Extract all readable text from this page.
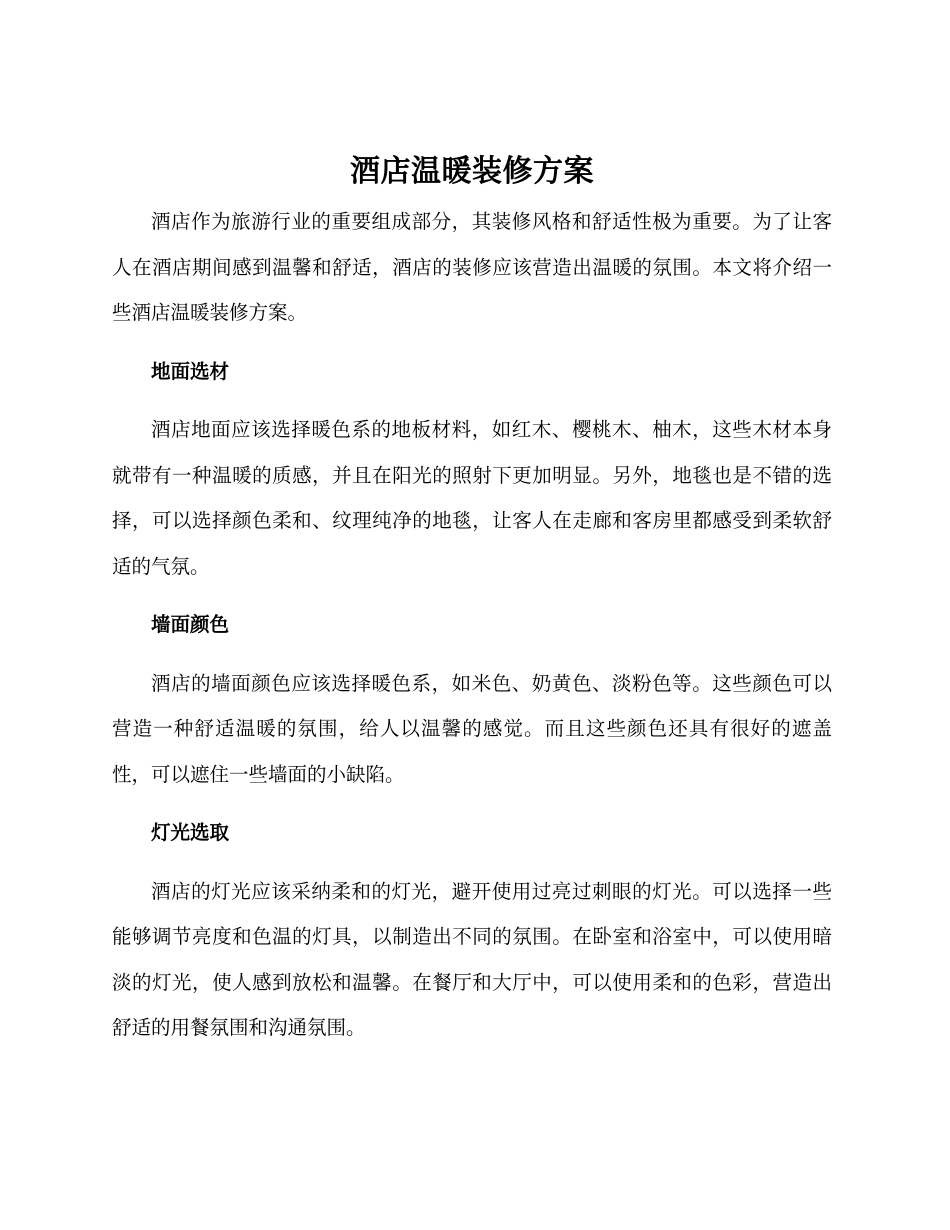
酒店温暖装修方案

酒店作为旅游行业的重要组成部分，其装修风格和舒适性极为重要。为了让客人在酒店期间感到温馨和舒适，酒店的装修应该营造出温暖的氛围。本文将介绍一些酒店温暖装修方案。

地面选材

酒店地面应该选择暖色系的地板材料，如红木、樱桃木、柚木，这些木材本身就带有一种温暖的质感，并且在阳光的照射下更加明显。另外，地毯也是不错的选择，可以选择颜色柔和、纹理纯净的地毯，让客人在走廊和客房里都感受到柔软舒适的气氛。

墙面颜色

酒店的墙面颜色应该选择暖色系，如米色、奶黄色、淡粉色等。这些颜色可以营造一种舒适温暖的氛围，给人以温馨的感觉。而且这些颜色还具有很好的遮盖性，可以遮住一些墙面的小缺陷。

灯光选取

酒店的灯光应该采纳柔和的灯光，避开使用过亮过刺眼的灯光。可以选择一些能够调节亮度和色温的灯具，以制造出不同的氛围。在卧室和浴室中，可以使用暗淡的灯光，使人感到放松和温馨。在餐厅和大厅中，可以使用柔和的色彩，营造出舒适的用餐氛围和沟通氛围。
